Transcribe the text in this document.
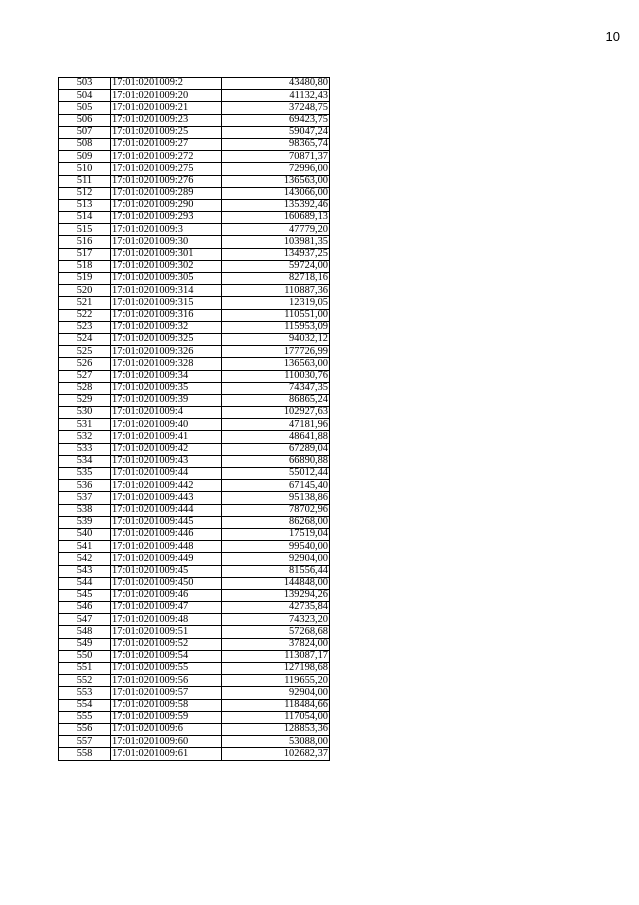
10
503	17:01:0201009:2	43480,80
504	17:01:0201009:20	41132,43
505	17:01:0201009:21	37248,75
506	17:01:0201009:23	69423,75
507	17:01:0201009:25	59047,24
508	17:01:0201009:27	98365,74
509	17:01:0201009:272	70871,37
510	17:01:0201009:275	72996,00
511	17:01:0201009:276	136563,00
512	17:01:0201009:289	143066,00
513	17:01:0201009:290	135392,46
514	17:01:0201009:293	160689,13
515	17:01:0201009:3	47779,20
516	17:01:0201009:30	103981,35
517	17:01:0201009:301	134937,25
518	17:01:0201009:302	59724,00
519	17:01:0201009:305	82718,16
520	17:01:0201009:314	110887,36
521	17:01:0201009:315	12319,05
522	17:01:0201009:316	110551,00
523	17:01:0201009:32	115953,09
524	17:01:0201009:325	94032,12
525	17:01:0201009:326	177726,99
526	17:01:0201009:328	136563,00
527	17:01:0201009:34	110030,76
528	17:01:0201009:35	74347,35
529	17:01:0201009:39	86865,24
530	17:01:0201009:4	102927,63
531	17:01:0201009:40	47181,96
532	17:01:0201009:41	48641,88
533	17:01:0201009:42	67289,04
534	17:01:0201009:43	66890,88
535	17:01:0201009:44	55012,44
536	17:01:0201009:442	67145,40
537	17:01:0201009:443	95138,86
538	17:01:0201009:444	78702,96
539	17:01:0201009:445	86268,00
540	17:01:0201009:446	17519,04
541	17:01:0201009:448	99540,00
542	17:01:0201009:449	92904,00
543	17:01:0201009:45	81556,44
544	17:01:0201009:450	144848,00
545	17:01:0201009:46	139294,26
546	17:01:0201009:47	42735,84
547	17:01:0201009:48	74323,20
548	17:01:0201009:51	57268,68
549	17:01:0201009:52	37824,00
550	17:01:0201009:54	113087,17
551	17:01:0201009:55	127198,68
552	17:01:0201009:56	119655,20
553	17:01:0201009:57	92904,00
554	17:01:0201009:58	118484,66
555	17:01:0201009:59	117054,00
556	17:01:0201009:6	128853,36
557	17:01:0201009:60	53088,00
558	17:01:0201009:61	102682,37
